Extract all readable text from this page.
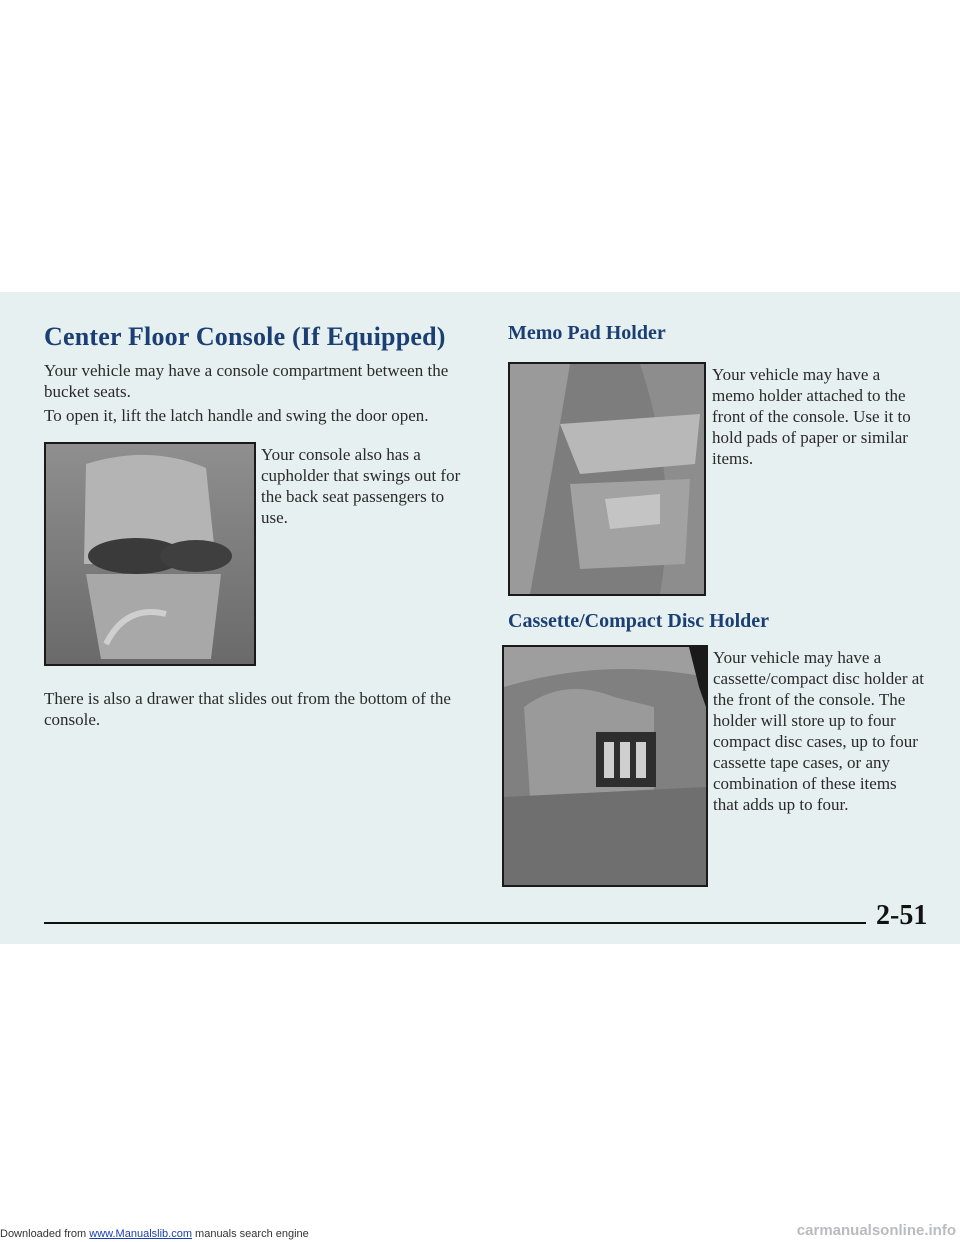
Center Floor Console (If Equipped)

Your vehicle may have a console compartment between the bucket seats.

To open it, lift the latch handle and swing the door open.

Your console also has a cupholder that swings out for the back seat passengers to use.

There is also a drawer that slides out from the bottom of the console.

Memo Pad Holder

Your vehicle may have a memo holder attached to the front of the console. Use it to hold pads of paper or similar items.

Cassette/Compact Disc Holder

Your vehicle may have a cassette/compact disc holder at the front of the console. The holder will store up to four compact disc cases, up to four cassette tape cases, or any combination of these items that adds up to four.

2-51
Downloaded from www.Manualslib.com manuals search engine	carmanualsonline.info
